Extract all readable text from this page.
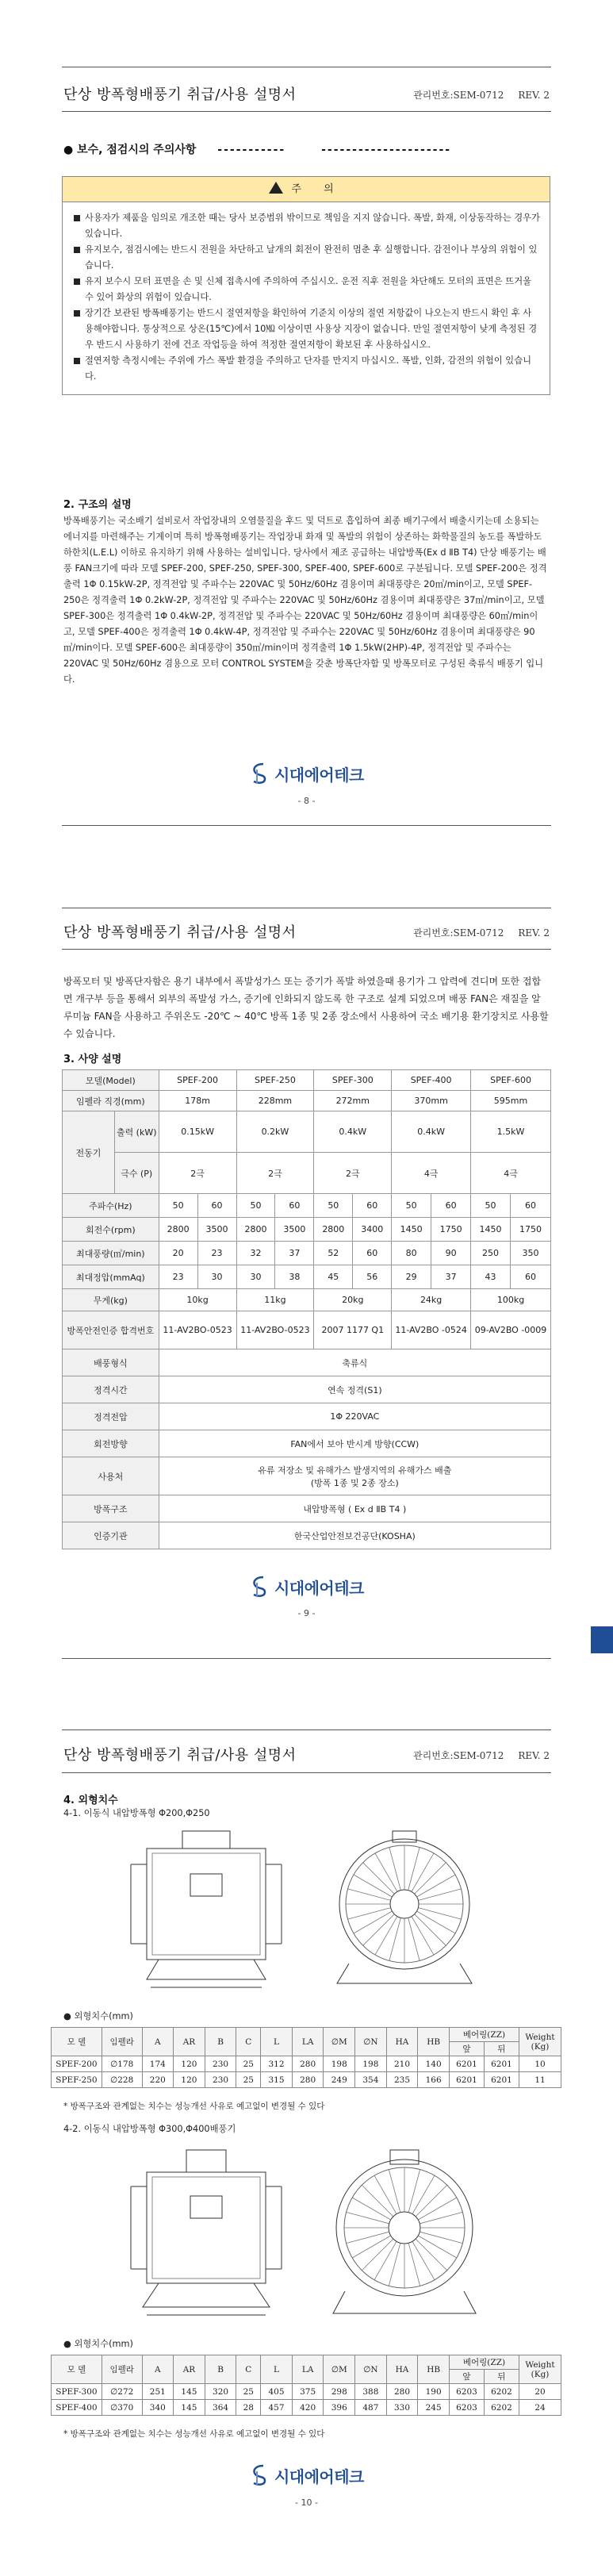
단상 방폭형배풍기 취급/사용 설명서	관리번호:SEM-0712 REV. 2
● 보수, 점검시의 주의사항 -----------	---------------------
주 의
사용자가 제품을 임의로 개조한 때는 당사 보증범위 밖이므로 책임을 지지 않습니다. 폭발, 화재, 이상동작하는 경우가 있습니다.
유지보수, 점검시에는 반드시 전원을 차단하고 날개의 회전이 완전히 멈춘 후 실행합니다. 감전이나 부상의 위험이 있습니다.
유지 보수시 모터 표면을 손 및 신체 접촉시에 주의하여 주십시오. 운전 직후 전원을 차단해도 모터의 표면은 뜨거울 수 있어 화상의 위험이 있습니다.
장기간 보관된 방폭배풍기는 반드시 절연저항을 확인하여 기준치 이상의 절연 저항값이 나오는지 반드시 확인 후 사용해야합니다. 통상적으로 상온(15℃)에서 10㏁ 이상이면 사용상 지장이 없습니다. 만일 절연저항이 낮게 측정된 경우 반드시 사용하기 전에 건조 작업등을 하여 적정한 절연저항이 확보된 후 사용하십시오.
절연저항 측정시에는 주위에 가스 폭발 환경을 주의하고 단자를 만지지 마십시오. 폭발, 인화, 감전의 위험이 있습니다.
2. 구조의 설명
방폭배풍기는 국소배기 설비로서 작업장내의 오염물질을 후드 및 덕트로 흡입하여 최종 배기구에서 배출시키는데 소용되는 에너지를 마련해주는 기계이며 특히 방폭형배풍기는 작업장내 화재 및 폭발의 위험이 상존하는 화학물질의 농도를 폭발하도 하한치(L.E.L) 이하로 유지하기 위해 사용하는 설비입니다. 당사에서 제조 공급하는 내압방폭(Ex d ⅡB T4) 단상 배풍기는 배풍 FAN크기에 따라 모델 SPEF-200, SPEF-250, SPEF-300, SPEF-400, SPEF-600로 구분됩니다. 모델 SPEF-200은 정격출력 1Φ 0.15kW-2P, 정격전압 및 주파수는 220VAC 및 50Hz/60Hz 겸용이며 최대풍량은 20㎥/min이고, 모델 SPEF- 250은 정격출력 1Φ 0.2kW-2P, 정격전압 및 주파수는 220VAC 및 50Hz/60Hz 겸용이며 최대풍량은 37㎥/min이고, 모델 SPEF-300은 정격출력 1Φ 0.4kW-2P, 정격전압 및 주파수는 220VAC 및 50Hz/60Hz 겸용이며 최대풍량은 60㎥/min이고, 모델 SPEF-400은 정격출력 1Φ 0.4kW-4P, 정격전압 및 주파수는 220VAC 및 50Hz/60Hz 겸용이며 최대풍량은 90㎥/min이다. 모델 SPEF-600은 최대풍량이 350㎥/min이며 정격출력 1Φ 1.5kW(2HP)-4P, 정격전압 및 주파수는 220VAC 및 50Hz/60Hz 겸용으로 모터 CONTROL SYSTEM을 갖춘 방폭단자함 및 방폭모터로 구성된 축류식 배풍기 입니다.
시대에어테크
- 8 -
단상 방폭형배풍기 취급/사용 설명서	관리번호:SEM-0712 REV. 2
방폭모터 및 방폭단자함은 용기 내부에서 폭발성가스 또는 증기가 폭발 하였을때 용기가 그 압력에 견디며 또한 접합면 개구부 등을 통해서 외부의 폭발성 가스, 증기에 인화되지 않도록 한 구조로 설계 되었으며 배풍 FAN은 재질을 알루미늄 FAN을 사용하고 주위온도 -20℃ ~ 40℃ 방폭 1종 및 2종 장소에서 사용하여 국소 배기용 환기장치로 사용할 수 있습니다.
3. 사양 설명
모델(Model)		SPEF-200		SPEF-250		SPEF-300		SPEF-400		SPEF-600	
임펠라 직경(mm)		178m		228mm		272mm		370mm		595mm	
전동기	출력 (kW)	0.15kW		0.2kW		0.4kW		0.4kW		1.5kW	
	극수 (P)	2극		2극		2극		4극		4극	
주파수(Hz)		50	60	50	60	50	60	50	60	50	60
회전수(rpm)		2800	3500	2800	3500	2800	3400	1450	1750	1450	1750
최대풍량(㎥/min)		20	23	32	37	52	60	80	90	250	350
최대정압(mmAq)		23	30	30	38	45	56	29	37	43	60
무게(kg)		10kg		11kg		20kg		24kg		100kg	
방폭안전인증 합격번호		11-AV2BO-0523		11-AV2BO-0523		2007 1177 Q1		11-AV2BO -0524		09-AV2BO -0009	
배풍형식		축류식									
정격시간		연속 정격(S1)									
정격전압		1Φ 220VAC									
회전방향		FAN에서 보아 반시계 방향(CCW)									
사용처		유류 저장소 및 유해가스 발생지역의 유해가스 배출
(방폭 1종 및 2종 장소)									

방폭구조		내압방폭형 ( Ex d ⅡB T4 )									
인증기관		한국산업안전보건공단(KOSHA)									
시대에어테크
- 9 -
단상 방폭형배풍기 취급/사용 설명서	관리번호:SEM-0712 REV. 2
4. 외형치수
4-1. 이동식 내압방폭형 Φ200,Φ250
● 외형치수(mm)
모 델	임펠라	A	AR	B	C	L	LA	∅M	∅N	HA	HB	베어링(ZZ)		Weight (Kg)
												앞	뒤	
SPEF-200	∅178	174	120	230	25	312	280	198	198	210	140	6201	6201	10
SPEF-250	∅228	220	120	230	25	315	280	249	354	235	166	6201	6201	11
* 방폭구조와 관계없는 치수는 성능개선 사유로 예고없이 변경될 수 있다
4-2. 이동식 내압방폭형 Φ300,Φ400배풍기
● 외형치수(mm)
모 델	임펠라	A	AR	B	C	L	LA	∅M	∅N	HA	HB	베어링(ZZ)		Weight (Kg)
												앞	뒤	
SPEF-300	∅272	251	145	320	25	405	375	298	388	280	190	6203	6202	20
SPEF-400	∅370	340	145	364	28	457	420	396	487	330	245	6203	6202	24
* 방폭구조와 관계없는 치수는 성능개선 사유로 예고없이 변경될 수 있다
시대에어테크
- 10 -
